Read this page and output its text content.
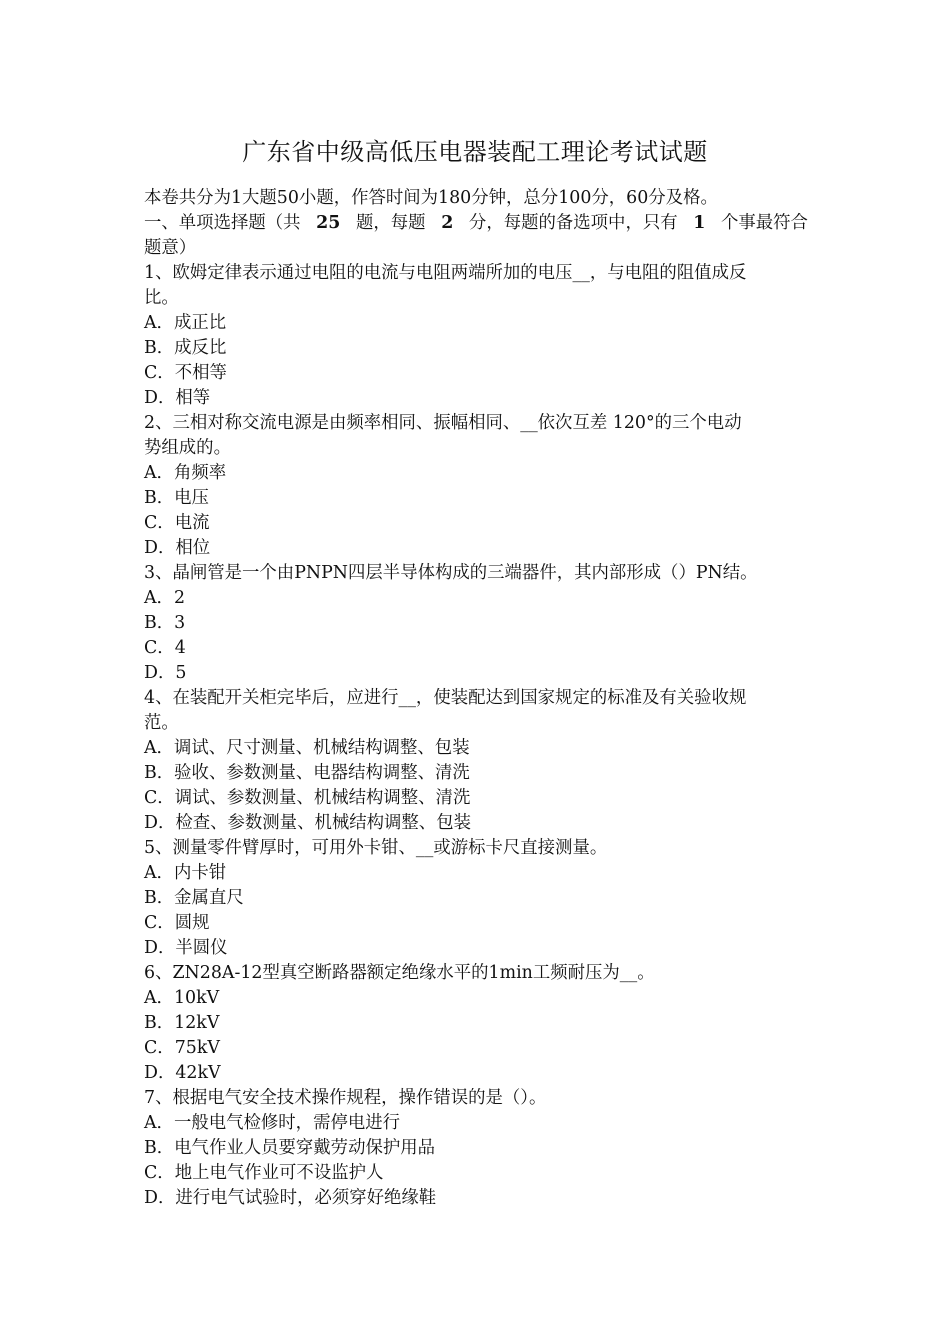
广东省中级高低压电器装配工理论考试试题
本卷共分为1大题50小题，作答时间为180分钟，总分100分，60分及格。
一、单项选择题（共 25 题，每题 2 分，每题的备选项中，只有 1 个事最符合
题意）
1、欧姆定律表示通过电阻的电流与电阻两端所加的电压__，与电阻的阻值成反
比。
A．成正比
B．成反比
C．不相等
D．相等
2、三相对称交流电源是由频率相同、振幅相同、__依次互差 120°的三个电动
势组成的。
A．角频率
B．电压
C．电流
D．相位
3、晶闸管是一个由PNPN四层半导体构成的三端器件，其内部形成（）PN结。
A．2
B．3
C．4
D．5
4、在装配开关柜完毕后，应进行__，使装配达到国家规定的标准及有关验收规
范。
A．调试、尺寸测量、机械结构调整、包装
B．验收、参数测量、电器结构调整、清洗
C．调试、参数测量、机械结构调整、清洗
D．检查、参数测量、机械结构调整、包装
5、测量零件臂厚时，可用外卡钳、__或游标卡尺直接测量。
A．内卡钳
B．金属直尺
C．圆规
D．半圆仪
6、ZN28A-12型真空断路器额定绝缘水平的1min工频耐压为__。
A．10kV
B．12kV
C．75kV
D．42kV
7、根据电气安全技术操作规程，操作错误的是（）。
A．一般电气检修时，需停电进行
B．电气作业人员要穿戴劳动保护用品
C．地上电气作业可不设监护人
D．进行电气试验时，必须穿好绝缘鞋
